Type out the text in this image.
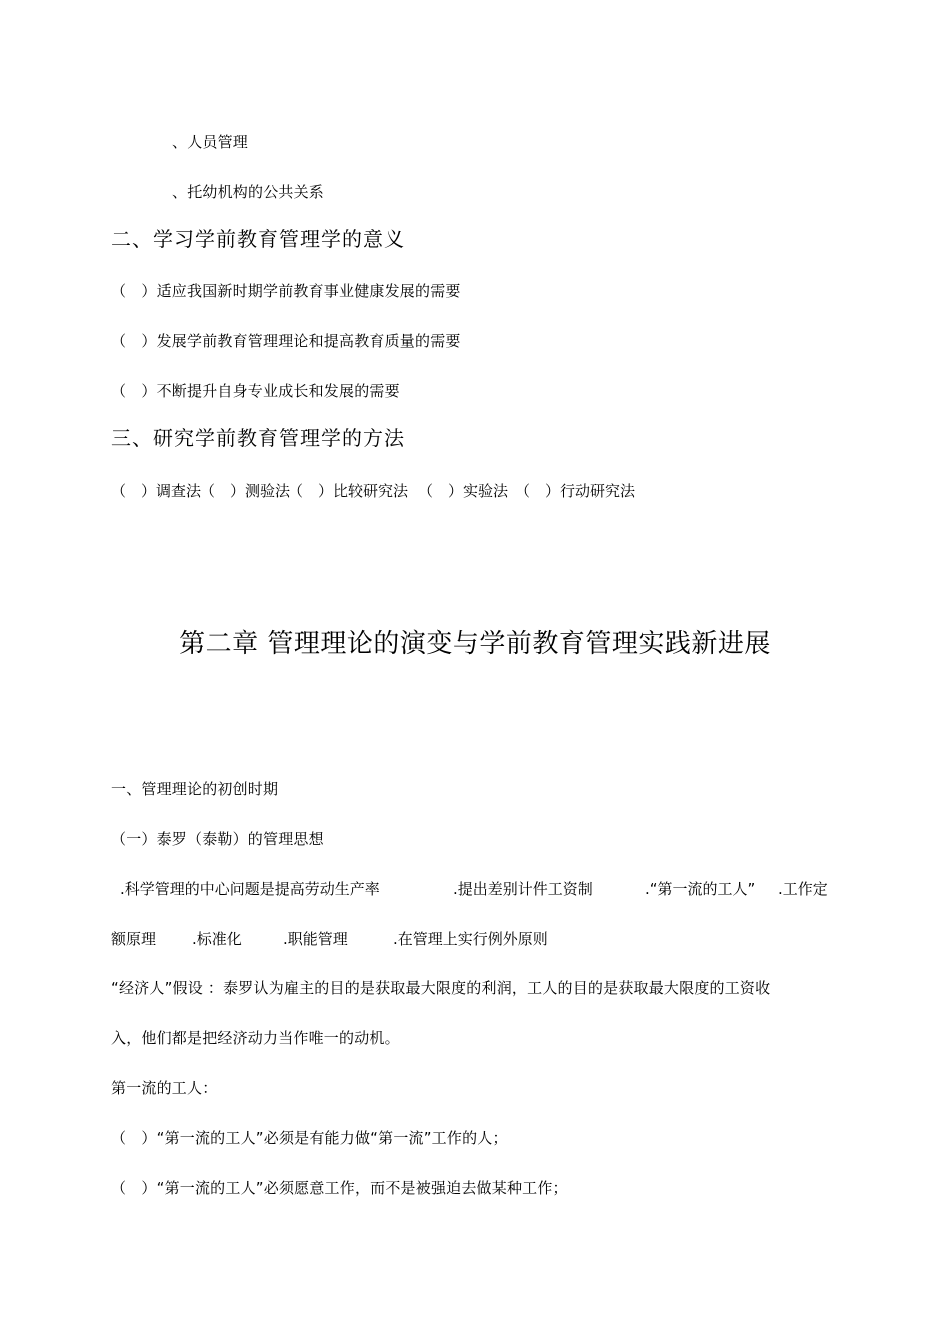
、人员管理
、托幼机构的公共关系
二、学习学前教育管理学的意义
（　）适应我国新时期学前教育事业健康发展的需要
（　）发展学前教育管理理论和提高教育质量的需要
（　）不断提升自身专业成长和发展的需要
三、研究学前教育管理学的方法
（　）调查法
（　）测验法
（　）比较研究法 （　）实验法 （　）行动研究法
第二章 管理理论的演变与学前教育管理实践新进展
一、管理理论的初创时期
（一）泰罗（泰勒）的管理思想
.科学管理的中心问题是提高劳动生产率	.提出差别计件工资制	.“第一流的工人” .工作定
额原理 .标准化	.职能管理	.在管理上实行例外原则
“经济人”假设 ：泰罗认为雇主的目的是获取最大限度的利润，工人的目的是获取最大限度的工资收
入，他们都是把经济动力当作唯一的动机。
第一流的工人：
（　）“第一流的工人”必须是有能力做“第一流”工作的人；
（　）“第一流的工人”必须愿意工作，而不是被强迫去做某种工作；
